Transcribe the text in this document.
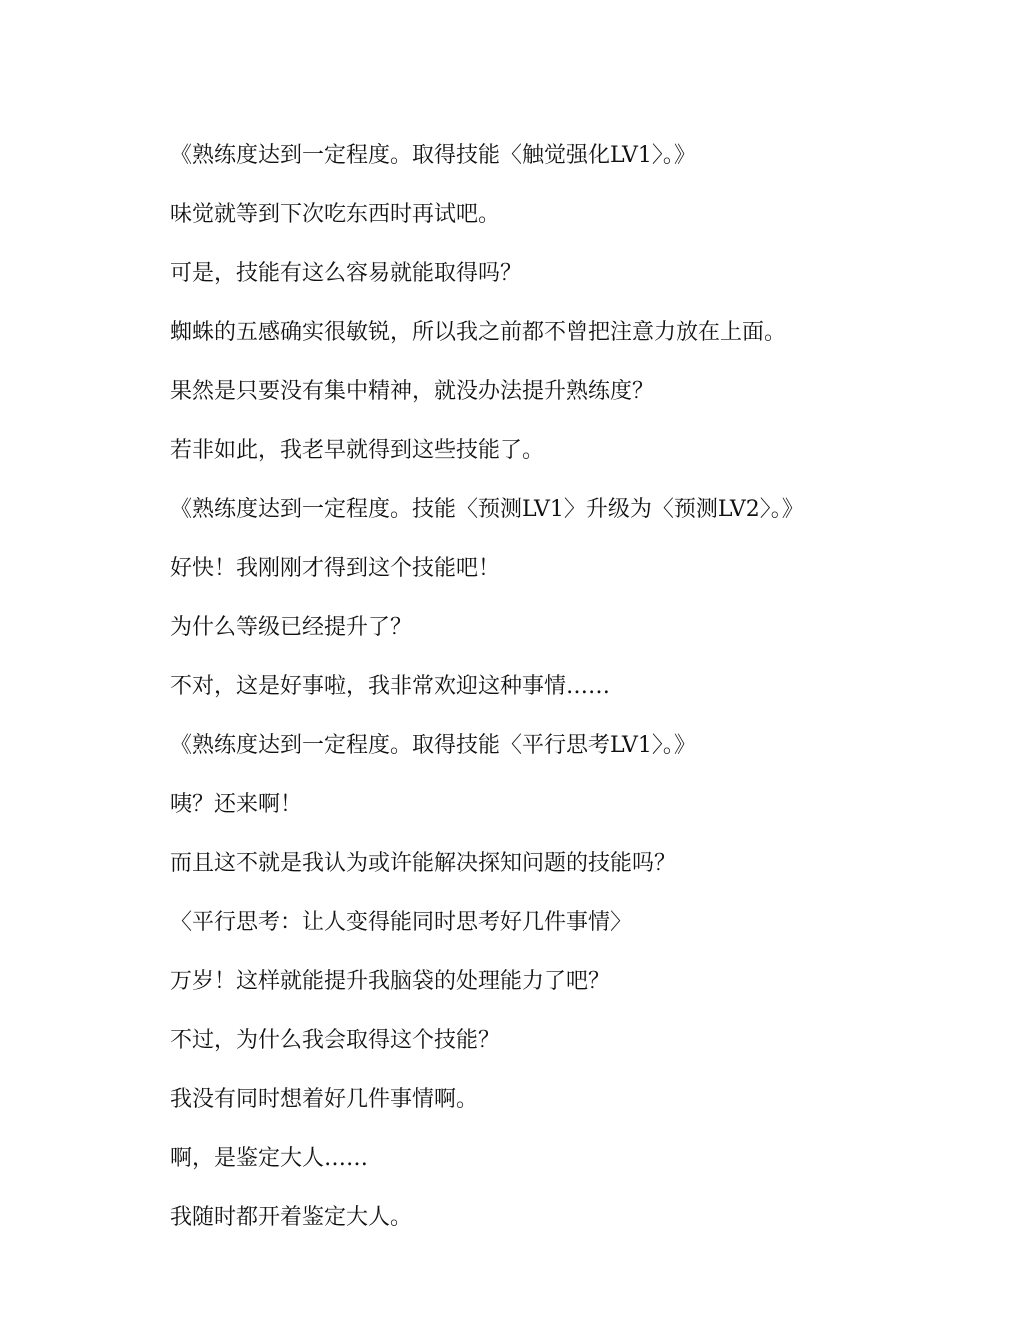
《熟练度达到一定程度。取得技能〈触觉强化LV1〉。》

味觉就等到下次吃东西时再试吧。

可是，技能有这么容易就能取得吗？

蜘蛛的五感确实很敏锐，所以我之前都不曾把注意力放在上面。

果然是只要没有集中精神，就没办法提升熟练度？

若非如此，我老早就得到这些技能了。

《熟练度达到一定程度。技能〈预测LV1〉升级为〈预测LV2〉。》

好快！我刚刚才得到这个技能吧！

为什么等级已经提升了？

不对，这是好事啦，我非常欢迎这种事情……

《熟练度达到一定程度。取得技能〈平行思考LV1〉。》

咦？还来啊！

而且这不就是我认为或许能解决探知问题的技能吗？

〈平行思考：让人变得能同时思考好几件事情〉

万岁！这样就能提升我脑袋的处理能力了吧？

不过，为什么我会取得这个技能？

我没有同时想着好几件事情啊。

啊，是鉴定大人……

我随时都开着鉴定大人。
